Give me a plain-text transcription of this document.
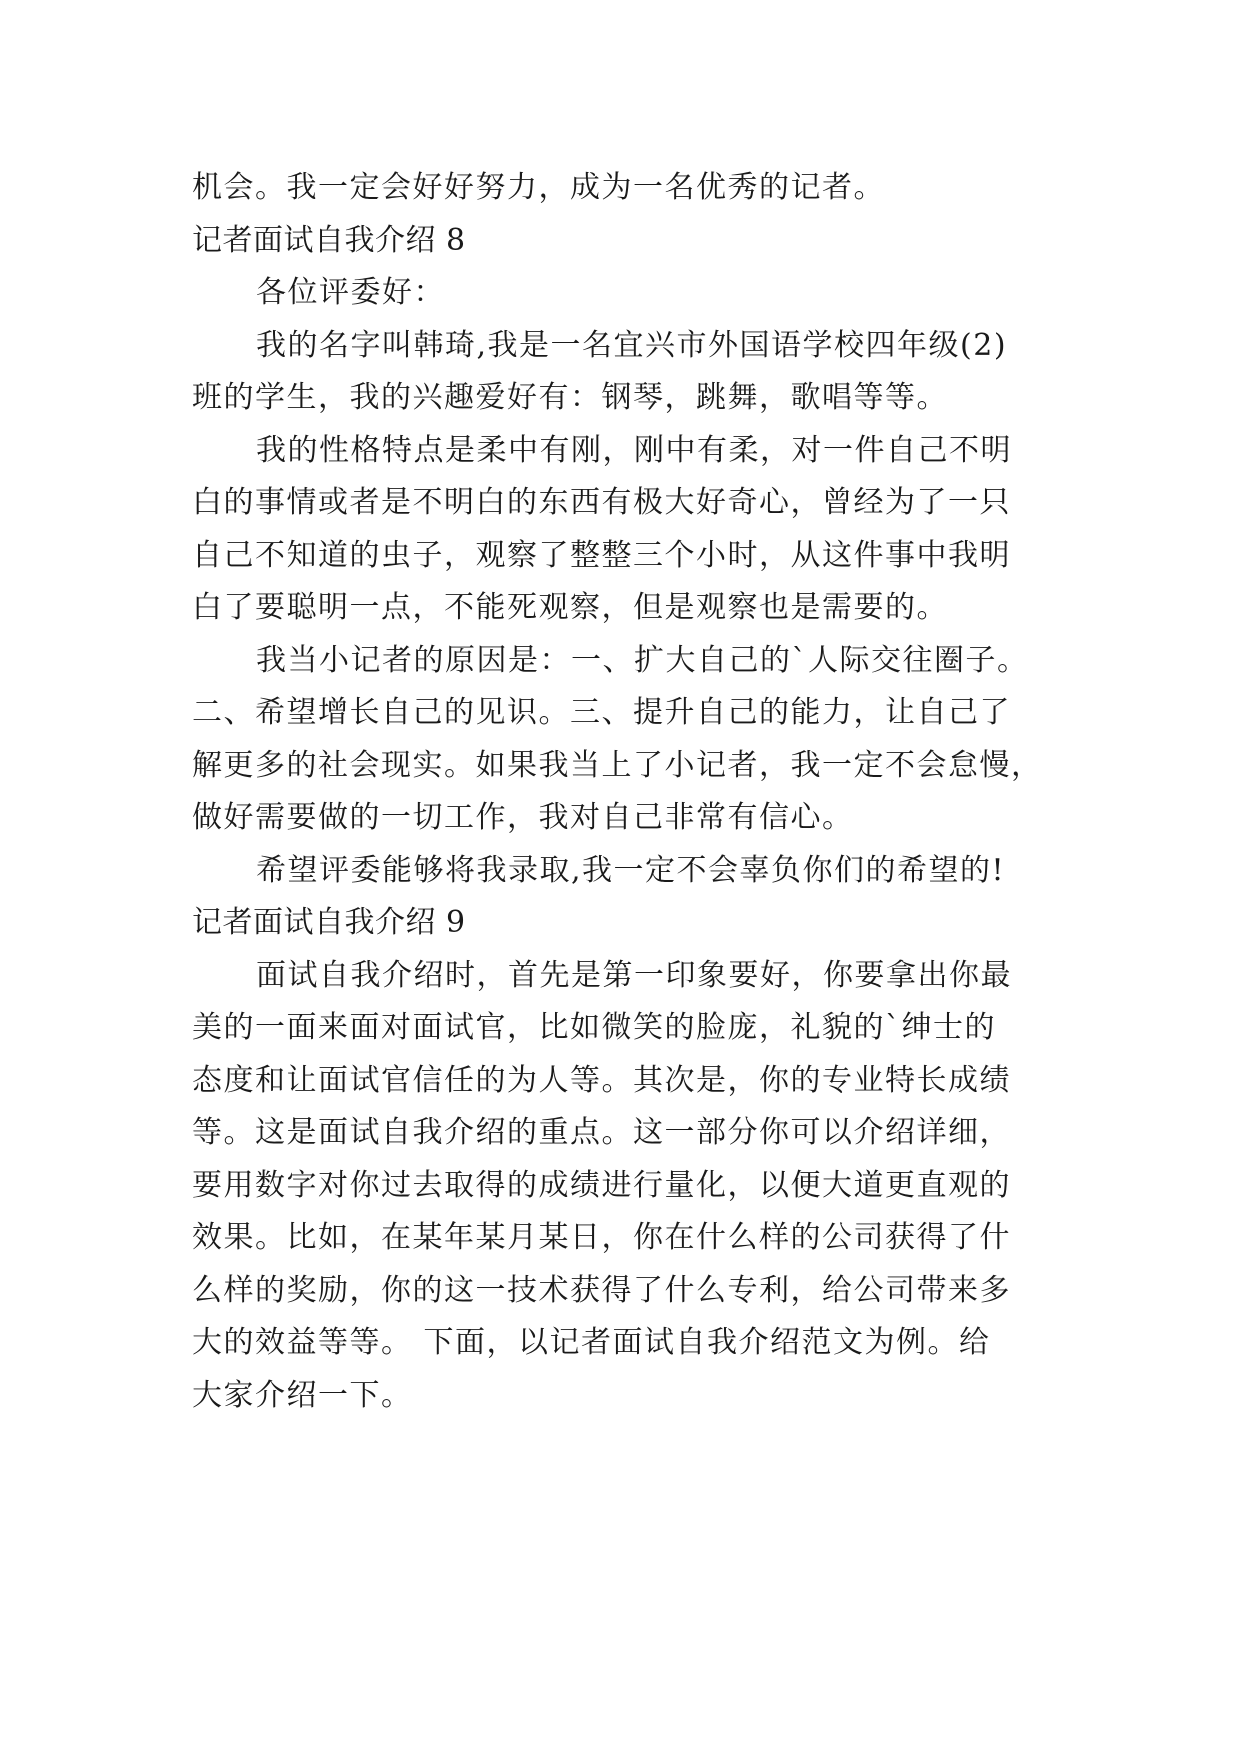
机会。我一定会好好努力，成为一名优秀的记者。
记者面试自我介绍 8
各位评委好：
我的名字叫韩琦,我是一名宜兴市外国语学校四年级(2)
班的学生，我的兴趣爱好有：钢琴，跳舞，歌唱等等。
我的性格特点是柔中有刚，刚中有柔，对一件自己不明
白的事情或者是不明白的东西有极大好奇心，曾经为了一只
自己不知道的虫子，观察了整整三个小时，从这件事中我明
白了要聪明一点，不能死观察，但是观察也是需要的。
我当小记者的原因是：一、扩大自己的`人际交往圈子。
二、希望增长自己的见识。三、提升自己的能力，让自己了
解更多的社会现实。如果我当上了小记者，我一定不会怠慢，
做好需要做的一切工作，我对自己非常有信心。
希望评委能够将我录取,我一定不会辜负你们的希望的!
记者面试自我介绍 9
面试自我介绍时，首先是第一印象要好，你要拿出你最
美的一面来面对面试官，比如微笑的脸庞，礼貌的`绅士的
态度和让面试官信任的为人等。其次是，你的专业特长成绩
等。这是面试自我介绍的重点。这一部分你可以介绍详细，
要用数字对你过去取得的成绩进行量化，以便大道更直观的
效果。比如，在某年某月某日，你在什么样的公司获得了什
么样的奖励，你的这一技术获得了什么专利，给公司带来多
大的效益等等。 下面，以记者面试自我介绍范文为例。给
大家介绍一下。
